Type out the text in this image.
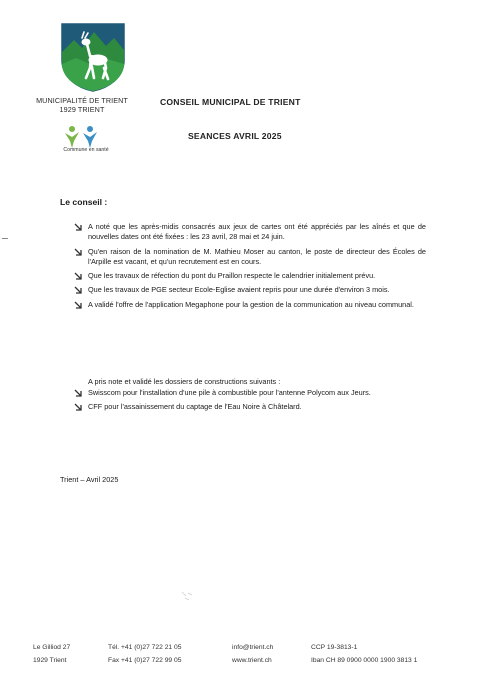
MUNICIPALITÉ DE TRIENT
1929 TRIENT
Commune en santé
CONSEIL MUNICIPAL DE TRIENT
SEANCES AVRIL 2025
Le conseil :
A noté que les après-midis consacrés aux jeux de cartes ont été appréciés par les aînés et que de nouvelles dates ont été fixées : les 23 avril, 28 mai et 24 juin.
Qu'en raison de la nomination de M. Mathieu Moser au canton, le poste de directeur des Écoles de l'Arpille est vacant, et qu'un recrutement est en cours.
Que les travaux de réfection du pont du Praillon respecte le calendrier initialement prévu.
Que les travaux de PGE secteur Ecole-Eglise avaient repris pour une durée d'environ 3 mois.
A validé l'offre de l'application Megaphone pour la gestion de la communication au niveau communal.
A pris note et validé les dossiers de constructions suivants :
Swisscom pour l'installation d'une pile à combustible pour l'antenne Polycom aux Jeurs.
CFF pour l'assainissement du captage de l'Eau Noire à Châtelard.
Trient – Avril 2025
Le Gilliod 27
1929 Trient
Tél. +41 (0)27 722 21 05
Fax +41 (0)27 722 99 05
info@trient.ch
www.trient.ch
CCP 19-3813-1
Iban CH 89 0900 0000 1900 3813 1
